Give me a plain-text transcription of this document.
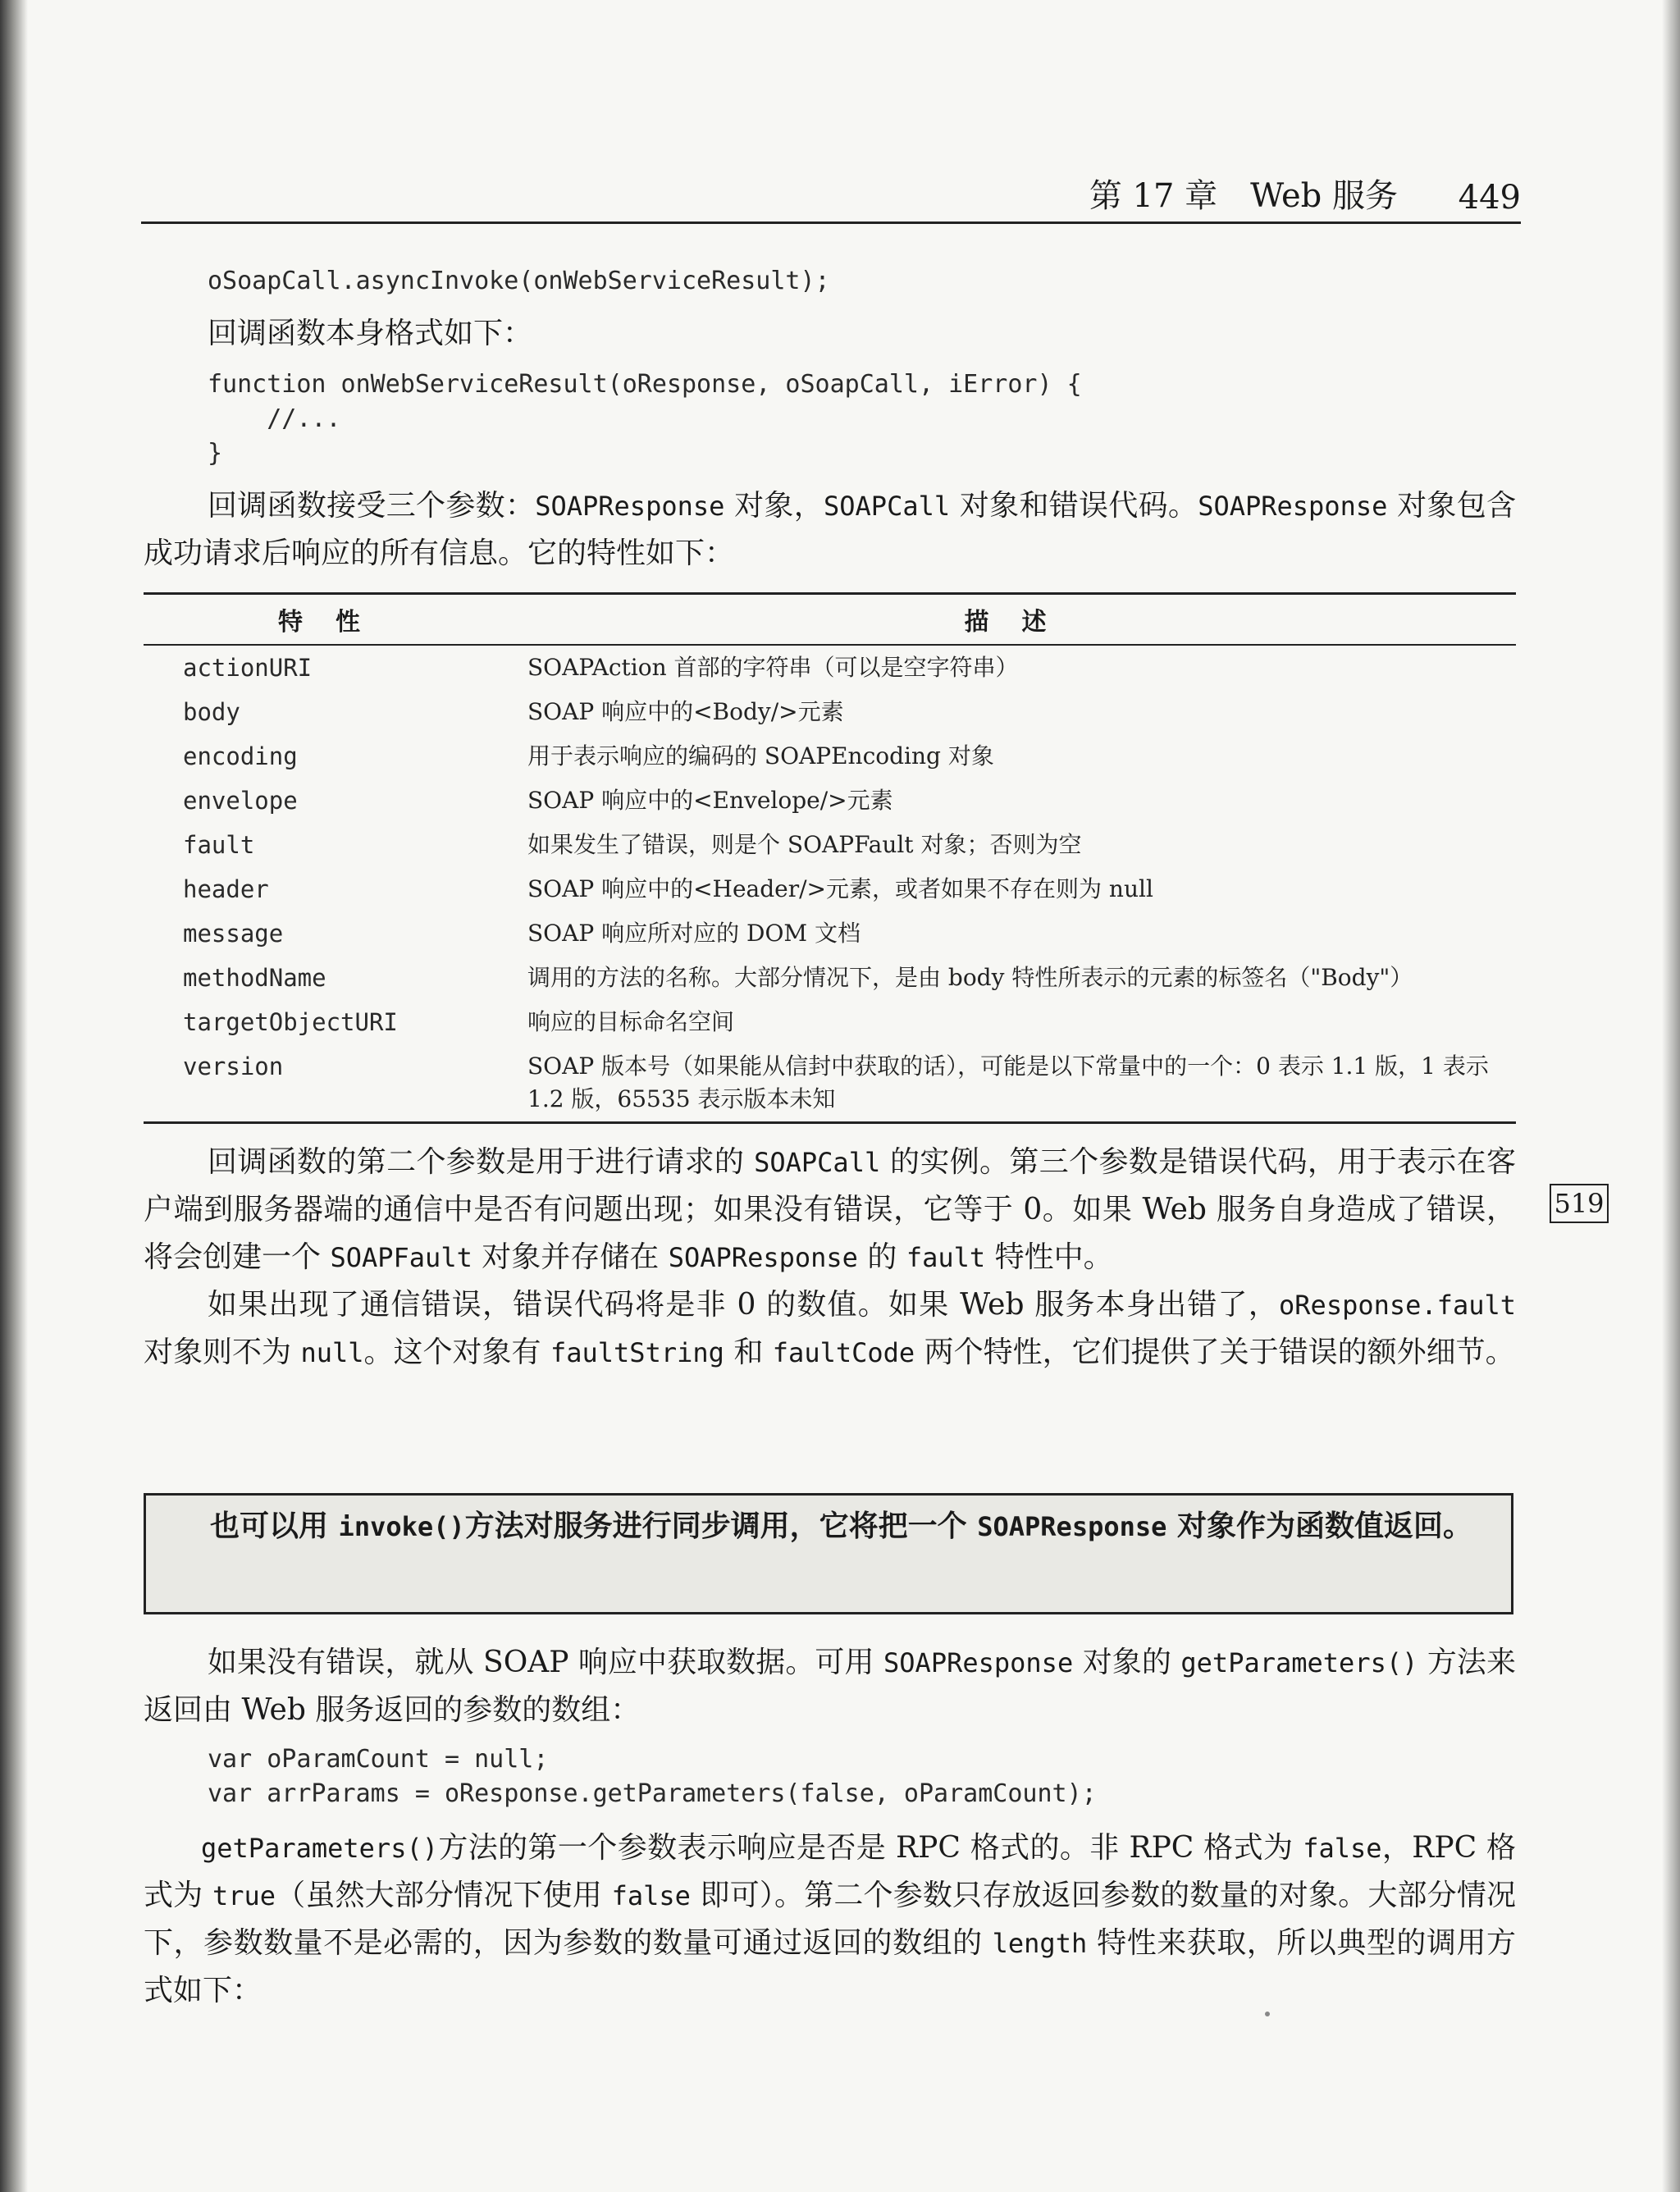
第 17 章　Web 服务 449
oSoapCall.asyncInvoke(onWebServiceResult);

回调函数本身格式如下：

function onWebServiceResult(oResponse, oSoapCall, iError) {
//...
}

回调函数接受三个参数：SOAPResponse 对象，SOAPCall 对象和错误代码。SOAPResponse 对象包含成功请求后响应的所有信息。它的特性如下：

特性	描述
actionURI	SOAPAction 首部的字符串（可以是空字符串）
body	SOAP 响应中的<Body/>元素
encoding	用于表示响应的编码的 SOAPEncoding 对象
envelope	SOAP 响应中的<Envelope/>元素
fault	如果发生了错误，则是个 SOAPFault 对象；否则为空
header	SOAP 响应中的<Header/>元素，或者如果不存在则为 null
message	SOAP 响应所对应的 DOM 文档
methodName	调用的方法的名称。大部分情况下，是由 body 特性所表示的元素的标签名（"Body"）
targetObjectURI	响应的目标命名空间
version	SOAP 版本号（如果能从信封中获取的话），可能是以下常量中的一个：0 表示 1.1 版，1 表示 1.2 版，65535 表示版本未知

回调函数的第二个参数是用于进行请求的 SOAPCall 的实例。第三个参数是错误代码，用于表示在客户端到服务器端的通信中是否有问题出现；如果没有错误，它等于 0。如果 Web 服务自身造成了错误，将会创建一个 SOAPFault 对象并存储在 SOAPResponse 的 fault 特性中。

如果出现了通信错误，错误代码将是非 0 的数值。如果 Web 服务本身出错了，oResponse.fault 对象则不为 null。这个对象有 faultString 和 faultCode 两个特性，它们提供了关于错误的额外细节。

519
也可以用 invoke()方法对服务进行同步调用，它将把一个 SOAPResponse 对象作为函数值返回。

如果没有错误，就从 SOAP 响应中获取数据。可用 SOAPResponse 对象的 getParameters() 方法来返回由 Web 服务返回的参数的数组：

var oParamCount = null;
var arrParams = oResponse.getParameters(false, oParamCount);

getParameters()方法的第一个参数表示响应是否是 RPC 格式的。非 RPC 格式为 false，RPC 格式为 true（虽然大部分情况下使用 false 即可）。第二个参数只存放返回参数的数量的对象。大部分情况下，参数数量不是必需的，因为参数的数量可通过返回的数组的 length 特性来获取，所以典型的调用方式如下：
